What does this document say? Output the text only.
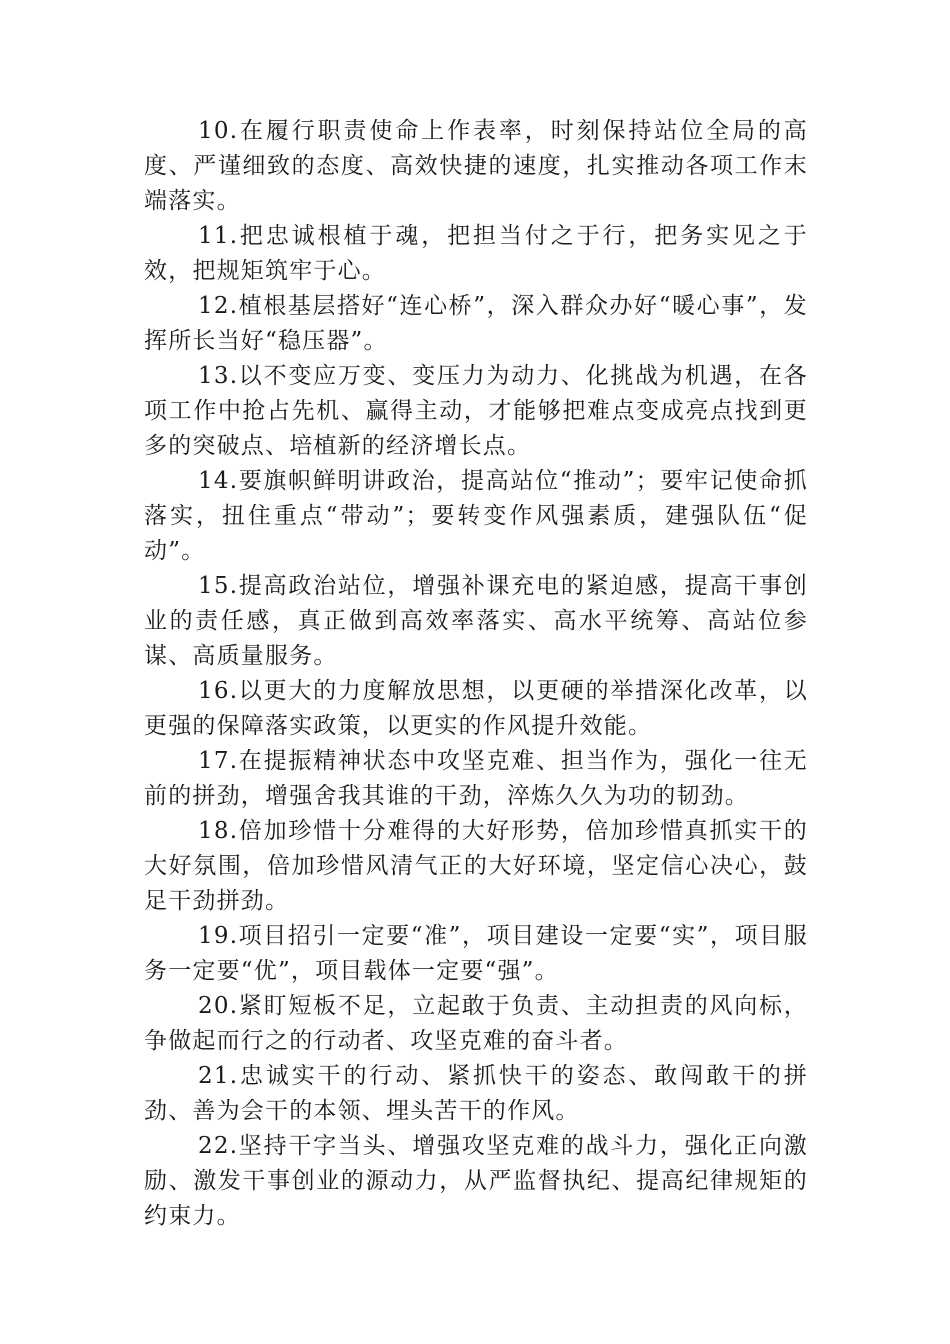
10.在履行职责使命上作表率，时刻保持站位全局的高度、严谨细致的态度、高效快捷的速度，扎实推动各项工作末端落实。

11.把忠诚根植于魂，把担当付之于行，把务实见之于效，把规矩筑牢于心。

12.植根基层搭好“连心桥”，深入群众办好“暖心事”，发挥所长当好“稳压器”。

13.以不变应万变、变压力为动力、化挑战为机遇，在各项工作中抢占先机、赢得主动，才能够把难点变成亮点找到更多的突破点、培植新的经济增长点。

14.要旗帜鲜明讲政治，提高站位“推动”；要牢记使命抓落实，扭住重点“带动”；要转变作风强素质，建强队伍“促动”。

15.提高政治站位，增强补课充电的紧迫感，提高干事创业的责任感，真正做到高效率落实、高水平统筹、高站位参谋、高质量服务。

16.以更大的力度解放思想，以更硬的举措深化改革，以更强的保障落实政策，以更实的作风提升效能。

17.在提振精神状态中攻坚克难、担当作为，强化一往无前的拼劲，增强舍我其谁的干劲，淬炼久久为功的韧劲。

18.倍加珍惜十分难得的大好形势，倍加珍惜真抓实干的大好氛围，倍加珍惜风清气正的大好环境，坚定信心决心，鼓足干劲拼劲。

19.项目招引一定要“准”，项目建设一定要“实”，项目服务一定要“优”，项目载体一定要“强”。

20.紧盯短板不足，立起敢于负责、主动担责的风向标，争做起而行之的行动者、攻坚克难的奋斗者。

21.忠诚实干的行动、紧抓快干的姿态、敢闯敢干的拼劲、善为会干的本领、埋头苦干的作风。

22.坚持干字当头、增强攻坚克难的战斗力，强化正向激励、激发干事创业的源动力，从严监督执纪、提高纪律规矩的约束力。
